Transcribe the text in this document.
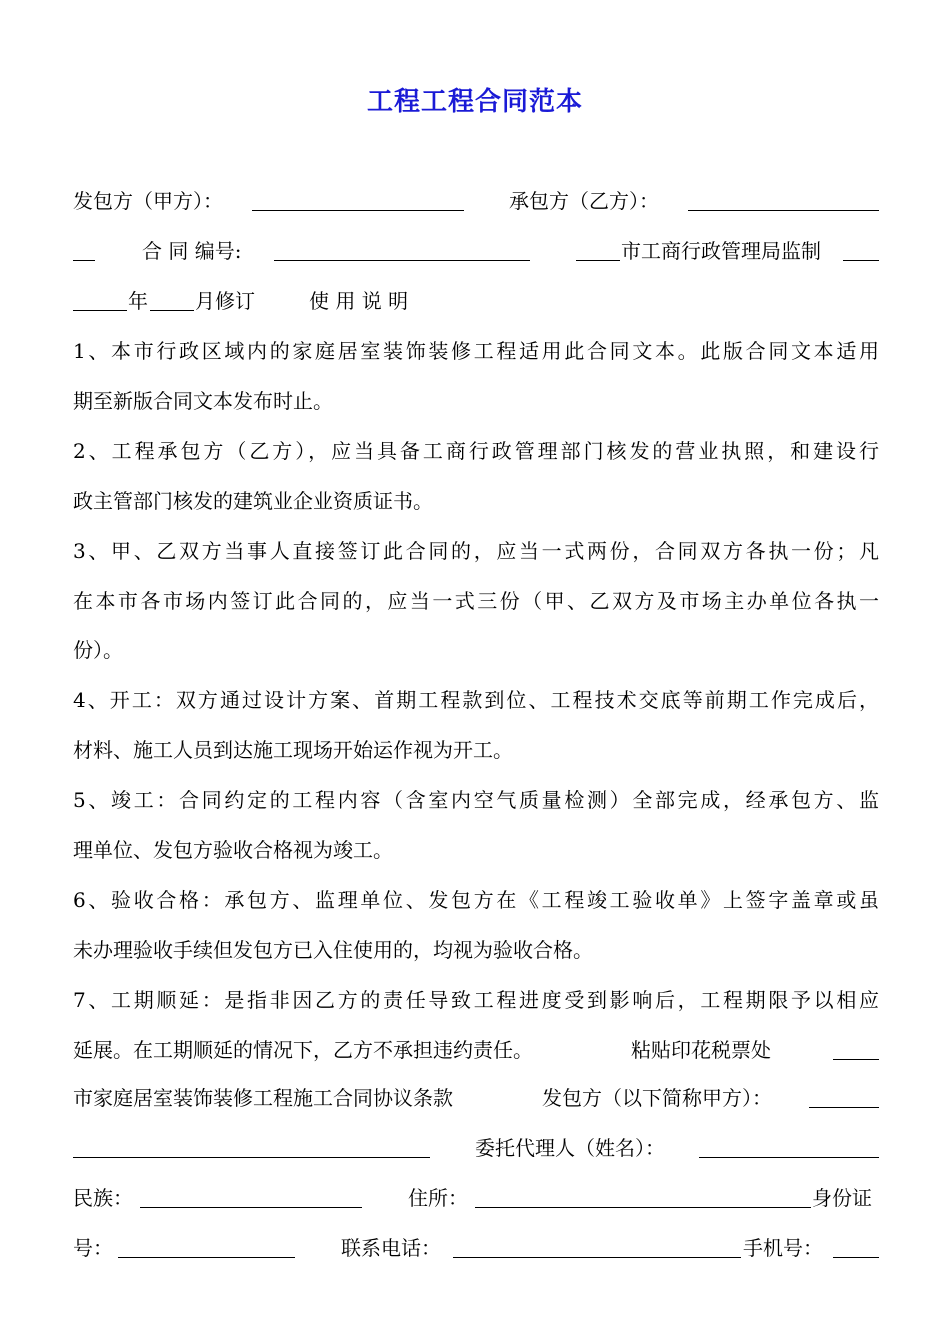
工程工程合同范本
发包方（甲方）：	承包方（乙方）：
合 同 编号:	市工商行政管理局监制
年 月修订	使 用 说 明
1、本市行政区域内的家庭居室装饰装修工程适用此合同文本。此版合同文本适用
期至新版合同文本发布时止。
2、工程承包方（乙方），应当具备工商行政管理部门核发的营业执照，和建设行
政主管部门核发的建筑业企业资质证书。
3、甲、乙双方当事人直接签订此合同的，应当一式两份，合同双方各执一份；凡
在本市各市场内签订此合同的，应当一式三份（甲、乙双方及市场主办单位各执一
份）。
4、开工：双方通过设计方案、首期工程款到位、工程技术交底等前期工作完成后，
材料、施工人员到达施工现场开始运作视为开工。
5、竣工：合同约定的工程内容（含室内空气质量检测）全部完成，经承包方、监
理单位、发包方验收合格视为竣工。
6、验收合格：承包方、监理单位、发包方在《工程竣工验收单》上签字盖章或虽
未办理验收手续但发包方已入住使用的，均视为验收合格。
7、工期顺延：是指非因乙方的责任导致工程进度受到影响后，工程期限予以相应
延展。在工期顺延的情况下，乙方不承担违约责任。	粘贴印花税票处
市家庭居室装饰装修工程施工合同协议条款	发包方（以下简称甲方）：
委托代理人（姓名）：
民族：	住所：	身份证
号：	联系电话：	手机号：
